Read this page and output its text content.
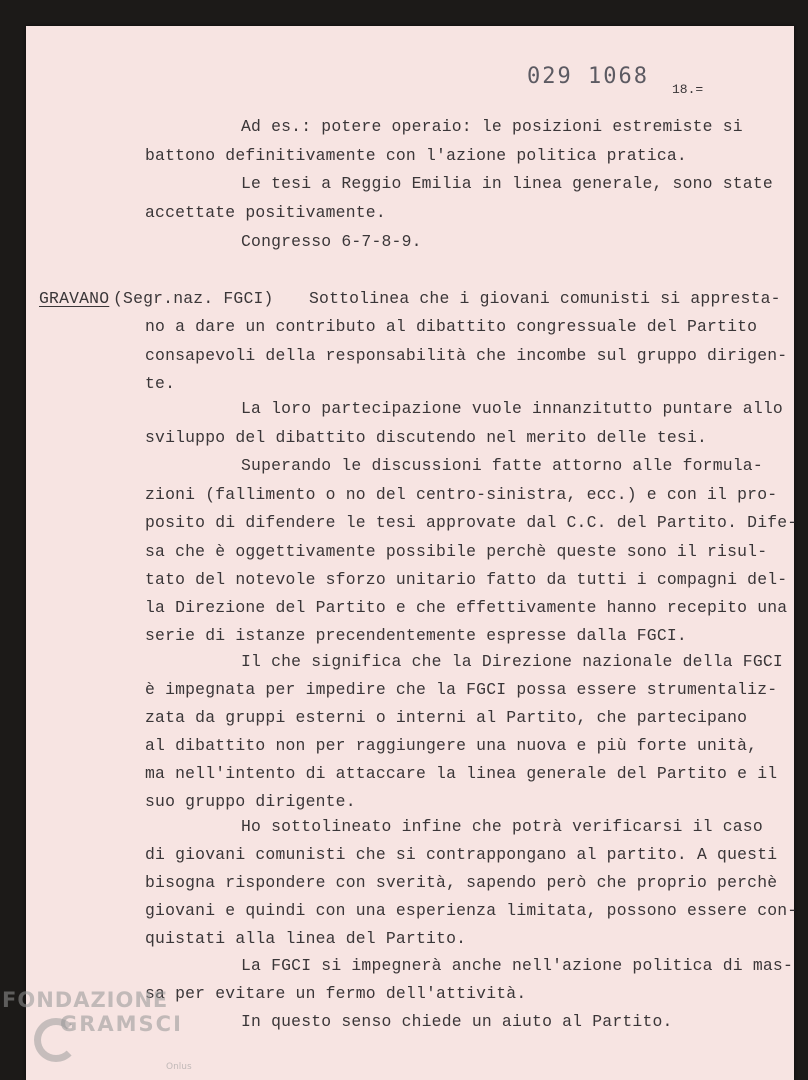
029 1068
18.=
Ad es.: potere operaio: le posizioni estremiste si
battono definitivamente con l'azione politica pratica.
Le tesi a Reggio Emilia in linea generale, sono state
accettate positivamente.
Congresso 6-7-8-9.
GRAVANO (Segr.naz. FGCI) Sottolinea che i giovani comunisti si apprestа-
no a dare un contributo al dibattito congressuale del Partito
consapevoli della responsabilità che incombe sul gruppo dirigen-
te.
La loro partecipazione vuole innanzitutto puntare allo
sviluppo del dibattito discutendo nel merito delle tesi.
Superando le discussioni fatte attorno alle formula-
zioni (fallimento o no del centro-sinistra, ecc.) e con il pro-
posito di difendere le tesi approvate dal C.C. del Partito. Dife-
sa che è oggettivamente possibile perchè queste sono il risul-
tato del notevole sforzo unitario fatto da tutti i compagni del-
la Direzione del Partito e che effettivamente hanno recepito una
serie di istanze precendentemente espresse dalla FGCI.
Il che significa che la Direzione nazionale della FGCI
è impegnata per impedire che la FGCI possa essere strumentaliz-
zata da gruppi esterni o interni al Partito, che partecipano
al dibattito non per raggiungere una nuova e più forte unità,
ma nell'intento di attaccare la linea generale del Partito e il
suo gruppo dirigente.
Ho sottolineato infine che potrà verificarsi il caso
di giovani comunisti che si contrappongano al partito. A questi
bisogna rispondere con sverità, sapendo però che proprio perchè
giovani e quindi con una esperienza limitata, possono essere con-
quistati alla linea del Partito.
La FGCI si impegnerà anche nell'azione politica di mas-
sa per evitare un fermo dell'attività.
In questo senso chiede un aiuto al Partito.
FONDAZIONE
GRAMSCI
Onlus
